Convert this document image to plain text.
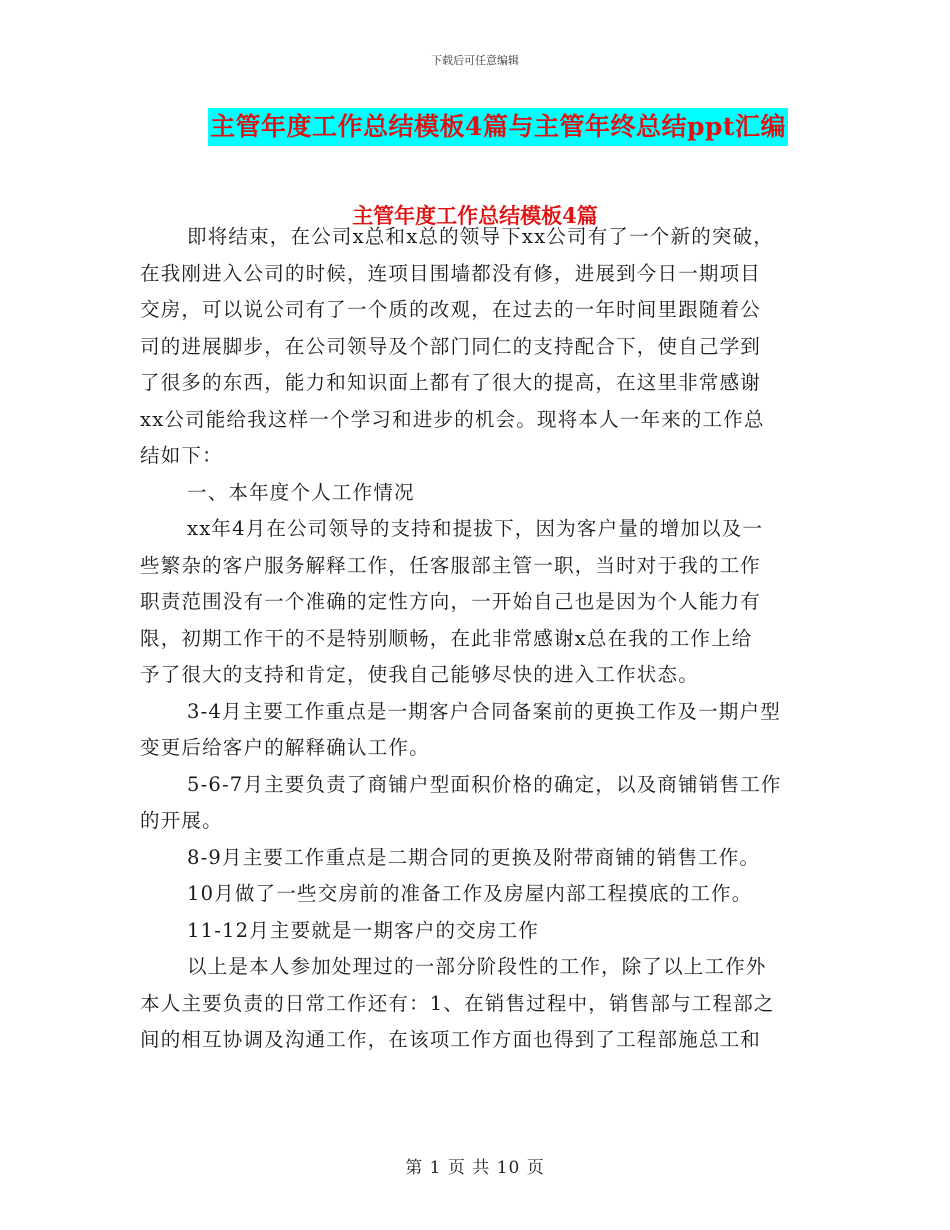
下载后可任意编辑
主管年度工作总结模板4篇与主管年终总结ppt汇编
主管年度工作总结模板4篇
即将结束，在公司x总和x总的领导下xx公司有了一个新的突破，
在我刚进入公司的时候，连项目围墙都没有修，进展到今日一期项目
交房，可以说公司有了一个质的改观，在过去的一年时间里跟随着公
司的进展脚步，在公司领导及个部门同仁的支持配合下，使自己学到
了很多的东西，能力和知识面上都有了很大的提高，在这里非常感谢
xx公司能给我这样一个学习和进步的机会。现将本人一年来的工作总
结如下：
一、本年度个人工作情况
xx年4月在公司领导的支持和提拔下，因为客户量的增加以及一
些繁杂的客户服务解释工作，任客服部主管一职，当时对于我的工作
职责范围没有一个准确的定性方向，一开始自己也是因为个人能力有
限，初期工作干的不是特别顺畅，在此非常感谢x总在我的工作上给
予了很大的支持和肯定，使我自己能够尽快的进入工作状态。
3-4月主要工作重点是一期客户合同备案前的更换工作及一期户型
变更后给客户的解释确认工作。
5-6-7月主要负责了商铺户型面积价格的确定，以及商铺销售工作
的开展。
8-9月主要工作重点是二期合同的更换及附带商铺的销售工作。
10月做了一些交房前的准备工作及房屋内部工程摸底的工作。
11-12月主要就是一期客户的交房工作
以上是本人参加处理过的一部分阶段性的工作，除了以上工作外
本人主要负责的日常工作还有：1、在销售过程中，销售部与工程部之
间的相互协调及沟通工作，在该项工作方面也得到了工程部施总工和
第 1 页 共 10 页
